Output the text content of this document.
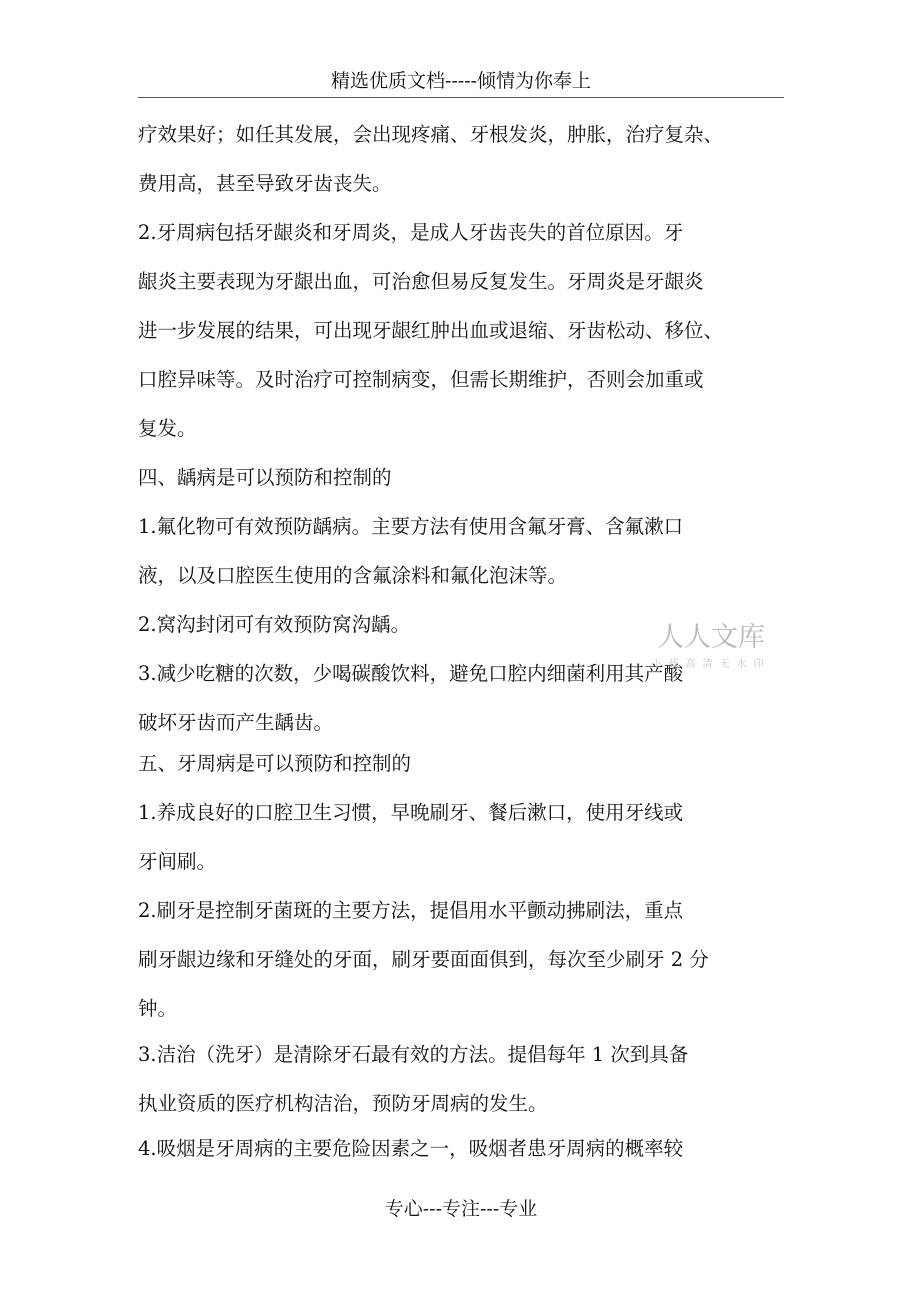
精选优质文档-----倾情为你奉上
疗效果好；如任其发展，会出现疼痛、牙根发炎，肿胀，治疗复杂、
费用高，甚至导致牙齿丧失。
2.牙周病包括牙龈炎和牙周炎，是成人牙齿丧失的首位原因。牙
龈炎主要表现为牙龈出血，可治愈但易反复发生。牙周炎是牙龈炎
进一步发展的结果，可出现牙龈红肿出血或退缩、牙齿松动、移位、
口腔异味等。及时治疗可控制病变，但需长期维护，否则会加重或
复发。
四、龋病是可以预防和控制的
1.氟化物可有效预防龋病。主要方法有使用含氟牙膏、含氟漱口
液，以及口腔医生使用的含氟涂料和氟化泡沫等。
2.窝沟封闭可有效预防窝沟龋。
3.减少吃糖的次数，少喝碳酸饮料，避免口腔内细菌利用其产酸
破坏牙齿而产生龋齿。
五、牙周病是可以预防和控制的
1.养成良好的口腔卫生习惯，早晚刷牙、餐后漱口，使用牙线或
牙间刷。
2.刷牙是控制牙菌斑的主要方法，提倡用水平颤动拂刷法，重点
刷牙龈边缘和牙缝处的牙面，刷牙要面面俱到，每次至少刷牙 2 分
钟。
3.洁治（洗牙）是清除牙石最有效的方法。提倡每年 1 次到具备
执业资质的医疗机构洁治，预防牙周病的发生。
4.吸烟是牙周病的主要危险因素之一，吸烟者患牙周病的概率较
人人文库
下载高清无水印
专心---专注---专业
